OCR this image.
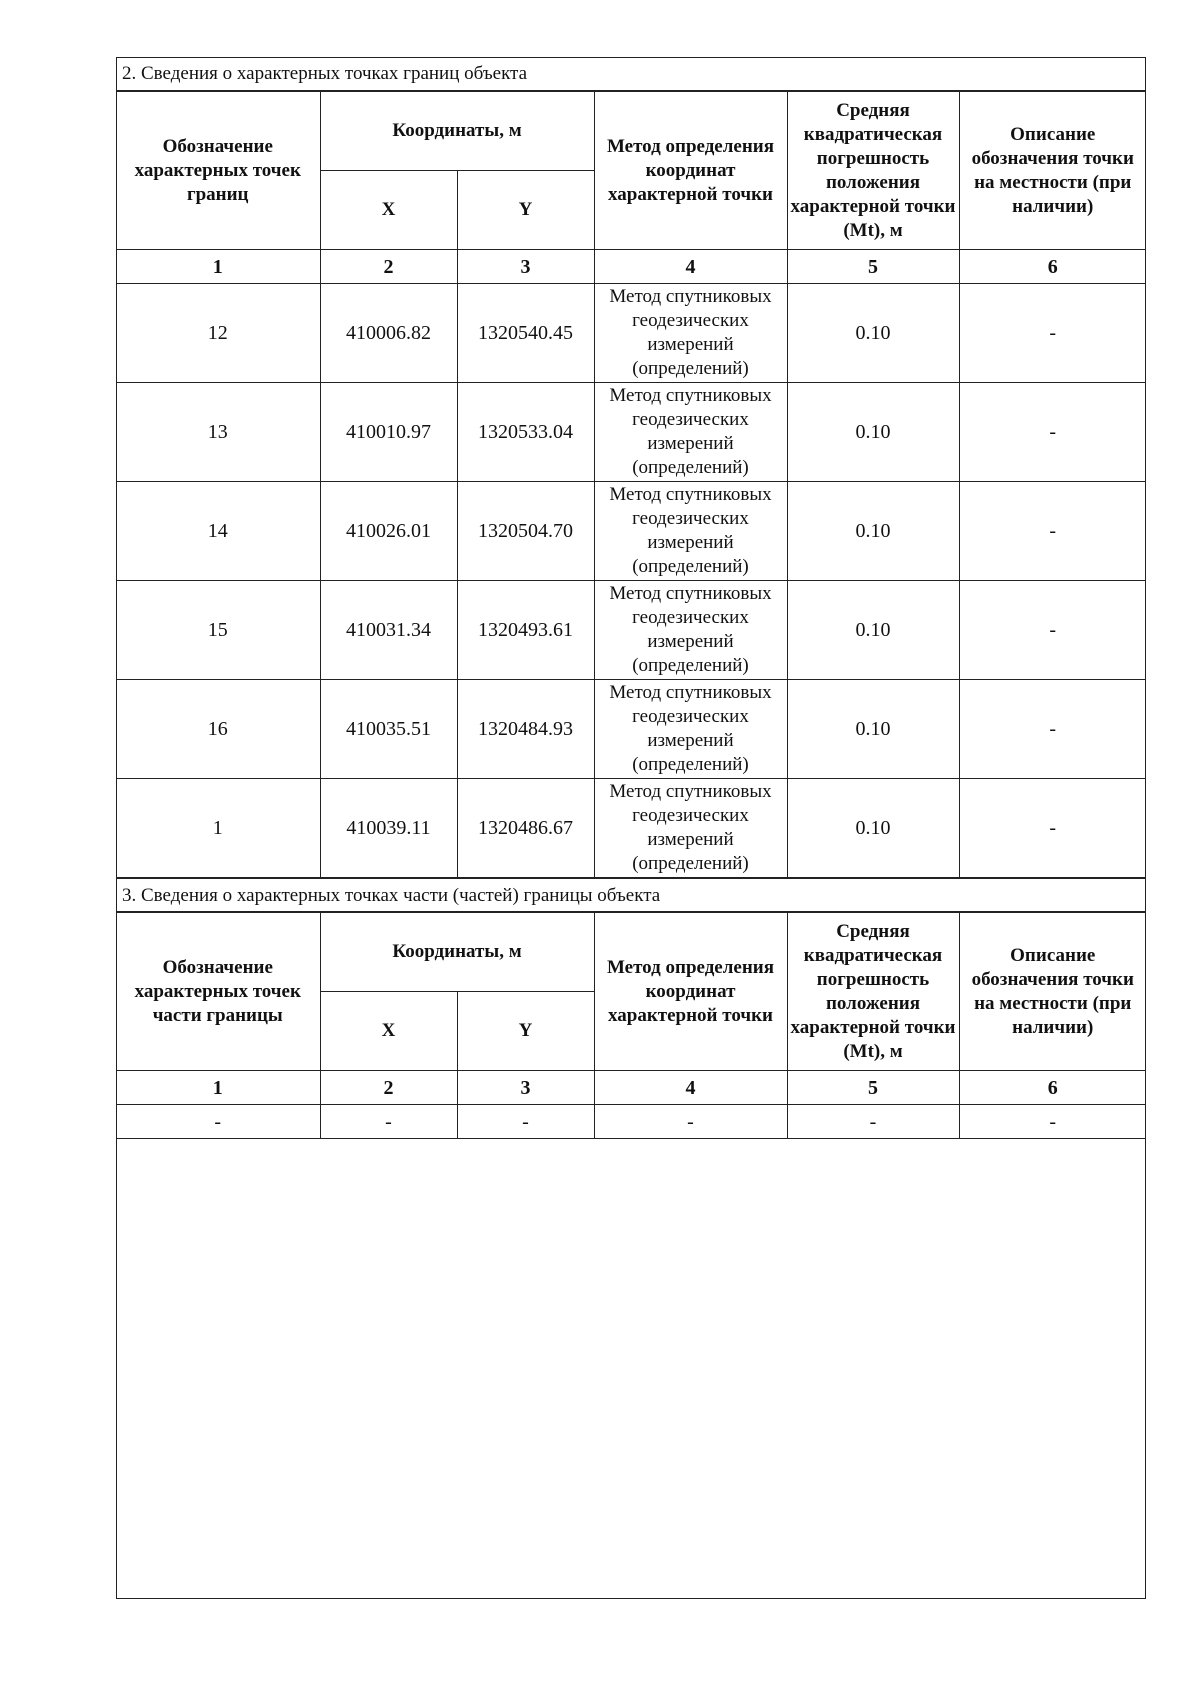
2. Сведения о характерных точках границ объекта
Обозначение характерных точек границ	Координаты, м		Метод определения координат характерной точки	Средняя квадратическая погрешность положения характерной точки (Mt), м	Описание обозначения точки на местности (при наличии)
	X	Y			
1	2	3	4	5	6
12	410006.82	1320540.45	Метод спутниковых геодезических измерений (определений)	0.10	-
13	410010.97	1320533.04	Метод спутниковых геодезических измерений (определений)	0.10	-
14	410026.01	1320504.70	Метод спутниковых геодезических измерений (определений)	0.10	-
15	410031.34	1320493.61	Метод спутниковых геодезических измерений (определений)	0.10	-
16	410035.51	1320484.93	Метод спутниковых геодезических измерений (определений)	0.10	-
1	410039.11	1320486.67	Метод спутниковых геодезических измерений (определений)	0.10	-
3. Сведения о характерных точках части (частей) границы объекта
Обозначение характерных точек части границы	Координаты, м		Метод определения координат характерной точки	Средняя квадратическая погрешность положения характерной точки (Mt), м	Описание обозначения точки на местности (при наличии)
	X	Y			
1	2	3	4	5	6
-	-	-	-	-	-
